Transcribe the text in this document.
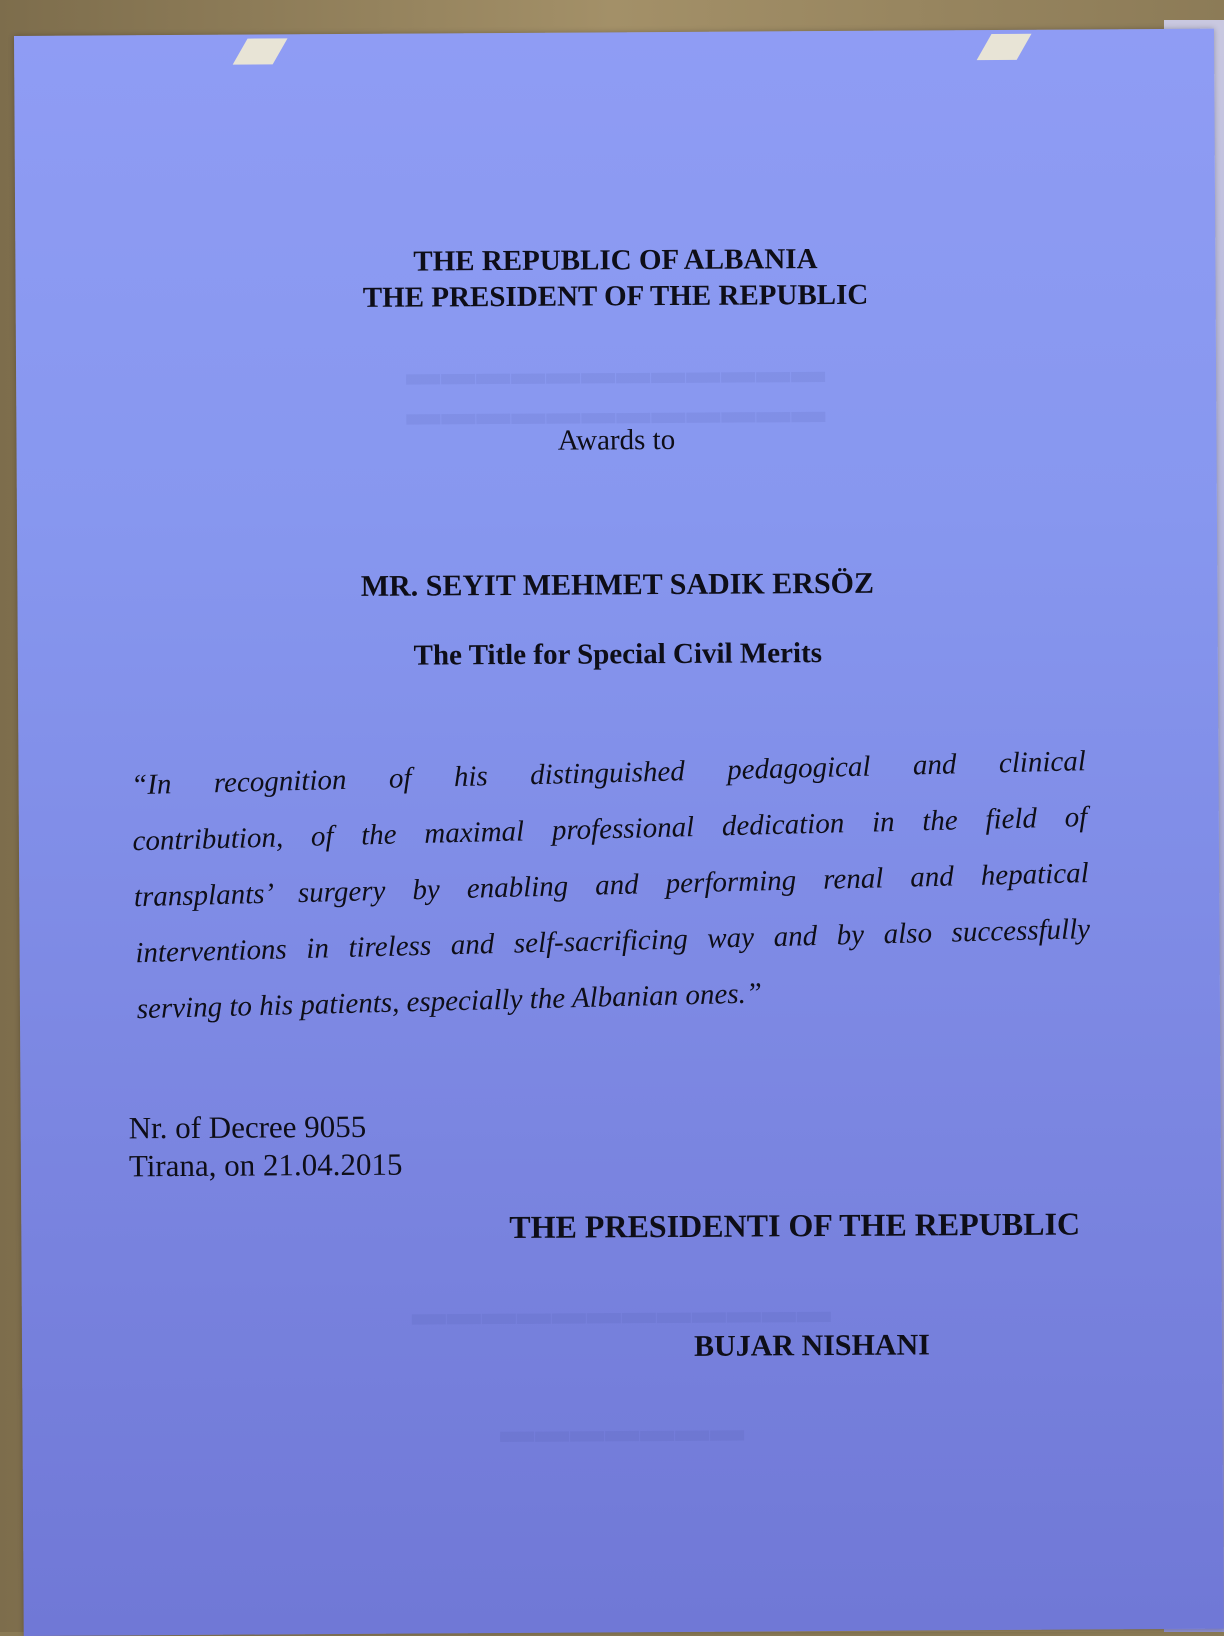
▬▬▬▬▬▬▬▬▬▬▬▬
▬▬▬▬▬▬▬▬▬▬▬▬
▬▬▬▬▬▬▬▬▬▬▬▬
▬▬▬▬▬▬▬
THE REPUBLIC OF ALBANIA
THE PRESIDENT OF THE REPUBLIC
Awards to
MR. SEYIT MEHMET SADIK ERSÖZ
The Title for Special Civil Merits
“In recognition of his distinguished pedagogical and clinical
contribution, of the maximal professional dedication in the field of
transplants’ surgery by enabling and performing renal and hepatical
interventions in tireless and self-sacrificing way and by also successfully
serving to his patients, especially the Albanian ones.”
Nr. of Decree 9055
Tirana, on 21.04.2015
THE PRESIDENTI OF THE REPUBLIC
BUJAR NISHANI
